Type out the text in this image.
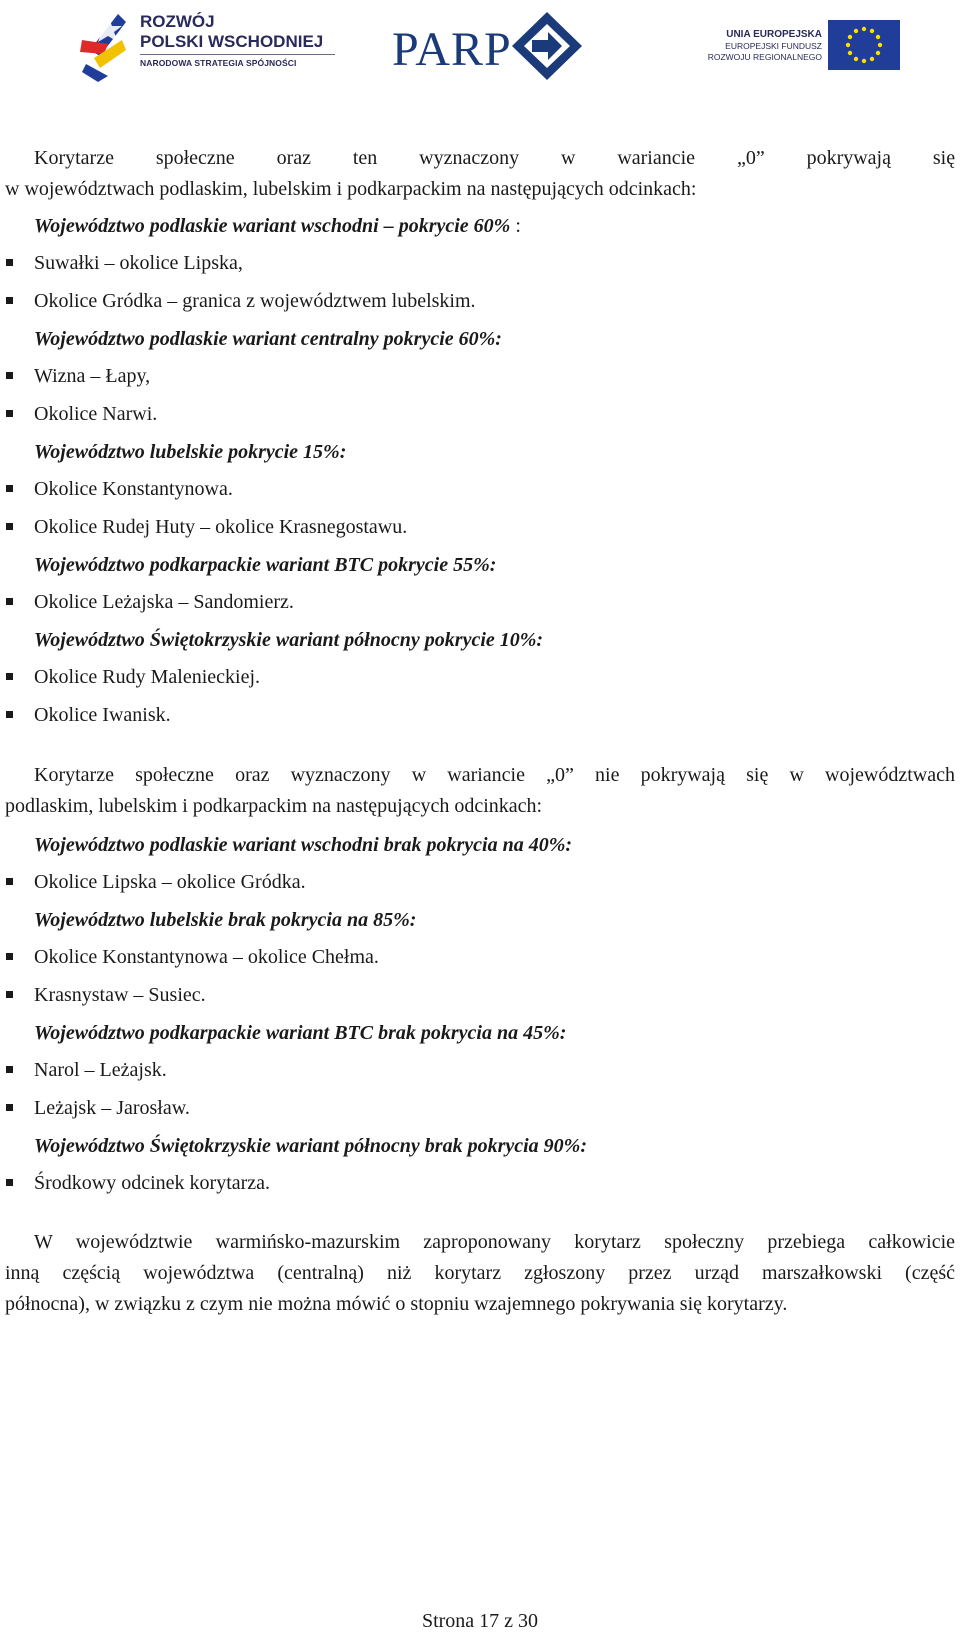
ROZWÓJ
POLSKI WSCHODNIEJ
NARODOWA STRATEGIA SPÓJNOŚCI PARP	UNIA EUROPEJSKA
EUROPEJSKI FUNDUSZ
ROZWOJU REGIONALNEGO
Korytarze społeczne oraz ten wyznaczony w wariancie „0” pokrywają się
w województwach podlaskim, lubelskim i podkarpackim na następujących odcinkach:
Województwo podlaskie wariant wschodni – pokrycie 60% :
Suwałki – okolice Lipska,
Okolice Gródka – granica z województwem lubelskim.
Województwo podlaskie wariant centralny pokrycie 60%:
Wizna – Łapy,
Okolice Narwi.
Województwo lubelskie pokrycie 15%:
Okolice Konstantynowa.
Okolice Rudej Huty – okolice Krasnegostawu.
Województwo podkarpackie wariant BTC pokrycie 55%:
Okolice Leżajska – Sandomierz.
Województwo Świętokrzyskie wariant północny pokrycie 10%:
Okolice Rudy Malenieckiej.
Okolice Iwanisk.
Korytarze społeczne oraz wyznaczony w wariancie „0” nie pokrywają się w województwach
podlaskim, lubelskim i podkarpackim na następujących odcinkach:
Województwo podlaskie wariant wschodni brak pokrycia na 40%:
Okolice Lipska – okolice Gródka.
Województwo lubelskie brak pokrycia na 85%:
Okolice Konstantynowa – okolice Chełma.
Krasnystaw – Susiec.
Województwo podkarpackie wariant BTC brak pokrycia na 45%:
Narol – Leżajsk.
Leżajsk – Jarosław.
Województwo Świętokrzyskie wariant północny brak pokrycia 90%:
Środkowy odcinek korytarza.
W województwie warmińsko-mazurskim zaproponowany korytarz społeczny przebiega całkowicie
inną częścią województwa (centralną) niż korytarz zgłoszony przez urząd marszałkowski (część
północna), w związku z czym nie można mówić o stopniu wzajemnego pokrywania się korytarzy.
Strona 17 z 30
